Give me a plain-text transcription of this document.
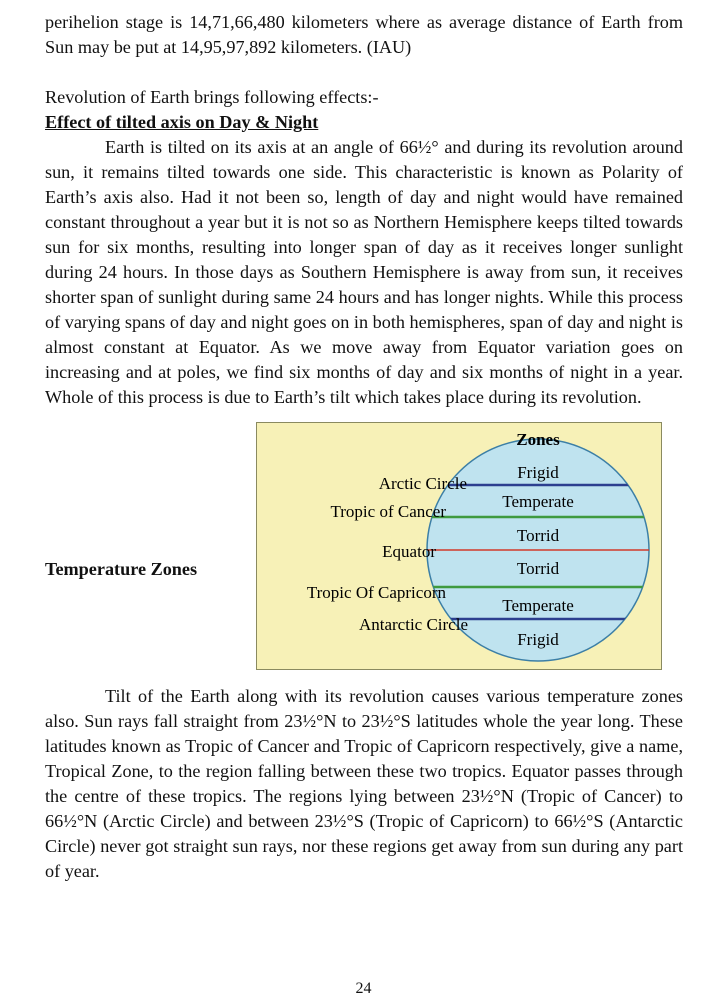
perihelion stage is 14,71,66,480 kilometers where as average distance of Earth from Sun may be put at 14,95,97,892 kilometers. (IAU)

Revolution of Earth brings following effects:-

Effect of tilted axis on Day & Night

Earth is tilted on its axis at an angle of 66½° and during its revolution around sun, it remains tilted towards one side. This characteristic is known as Polarity of Earth’s axis also. Had it not been so, length of day and night would have remained constant throughout a year but it is not so as Northern Hemisphere keeps tilted towards sun for six months, resulting into longer span of day as it receives longer sunlight during 24 hours. In those days as Southern Hemisphere is away from sun, it receives shorter span of sunlight during same 24 hours and has longer nights. While this process of varying spans of day and night goes on in both hemispheres, span of day and night is almost constant at Equator. As we move away from Equator variation goes on increasing and at poles, we find six months of day and six months of night in a year. Whole of this process is due to Earth’s tilt which takes place during its revolution.

Temperature Zones
Zones
Frigid
Temperate
Torrid
Torrid
Temperate
Frigid
Arctic Circle
Tropic of Cancer
Equator
Tropic Of Capricorn
Antarctic Circle

Tilt of the Earth along with its revolution causes various temperature zones also. Sun rays fall straight from 23½°N to 23½°S latitudes whole the year long. These latitudes known as Tropic of Cancer and Tropic of Capricorn respectively, give a name, Tropical Zone, to the region falling between these two tropics. Equator passes through the centre of these tropics. The regions lying between 23½°N (Tropic of Cancer) to 66½°N (Arctic Circle) and between 23½°S (Tropic of Capricorn) to 66½°S (Antarctic Circle) never got straight sun rays, nor these regions get away from sun during any part of year.

24
